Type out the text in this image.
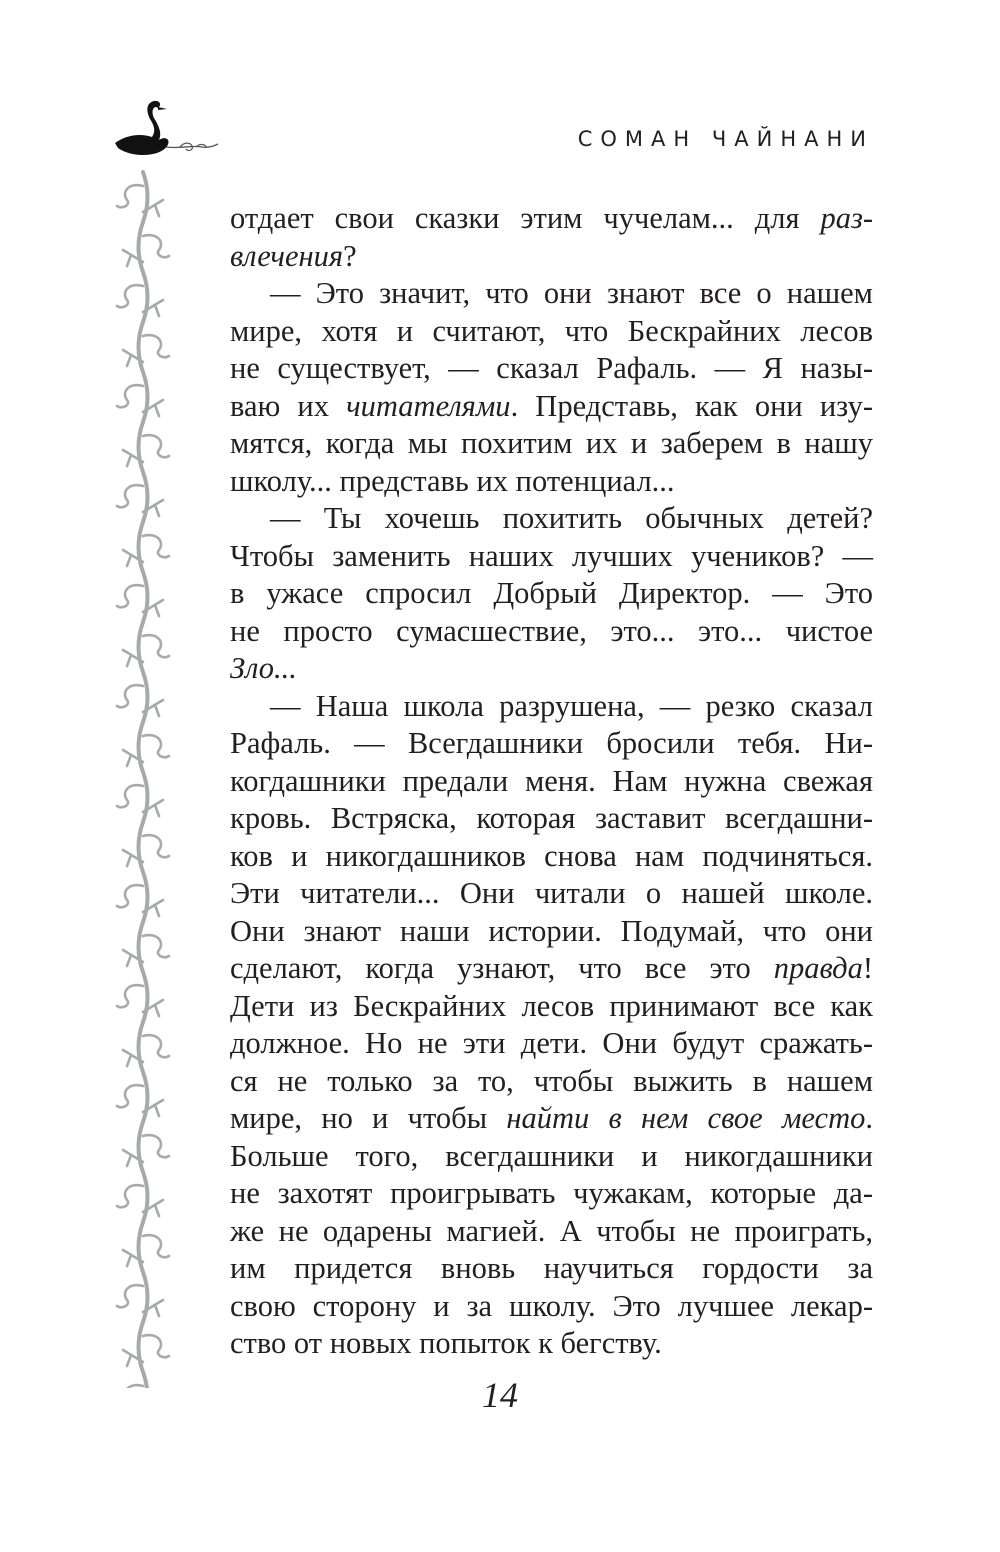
СОМАН ЧАЙНАНИ
отдает свои сказки этим чучелам... для раз-
влечения?
— Это значит, что они знают все о нашем
мире, хотя и считают, что Бескрайних лесов
не существует, — сказал Рафаль. — Я назы-
ваю их читателями. Представь, как они изу-
мятся, когда мы похитим их и заберем в нашу
школу... представь их потенциал...
— Ты хочешь похитить обычных детей?
Чтобы заменить наших лучших учеников? —
в ужасе спросил Добрый Директор. — Это
не просто сумасшествие, это... это... чистое
Зло...
— Наша школа разрушена, — резко сказал
Рафаль. — Всегдашники бросили тебя. Ни-
когдашники предали меня. Нам нужна свежая
кровь. Встряска, которая заставит всегдашни-
ков и никогдашников снова нам подчиняться.
Эти читатели... Они читали о нашей школе.
Они знают наши истории. Подумай, что они
сделают, когда узнают, что все это правда!
Дети из Бескрайних лесов принимают все как
должное. Но не эти дети. Они будут сражать-
ся не только за то, чтобы выжить в нашем
мире, но и чтобы найти в нем свое место.
Больше того, всегдашники и никогдашники
не захотят проигрывать чужакам, которые да-
же не одарены магией. А чтобы не проиграть,
им придется вновь научиться гордости за
свою сторону и за школу. Это лучшее лекар-
ство от новых попыток к бегству.
14
